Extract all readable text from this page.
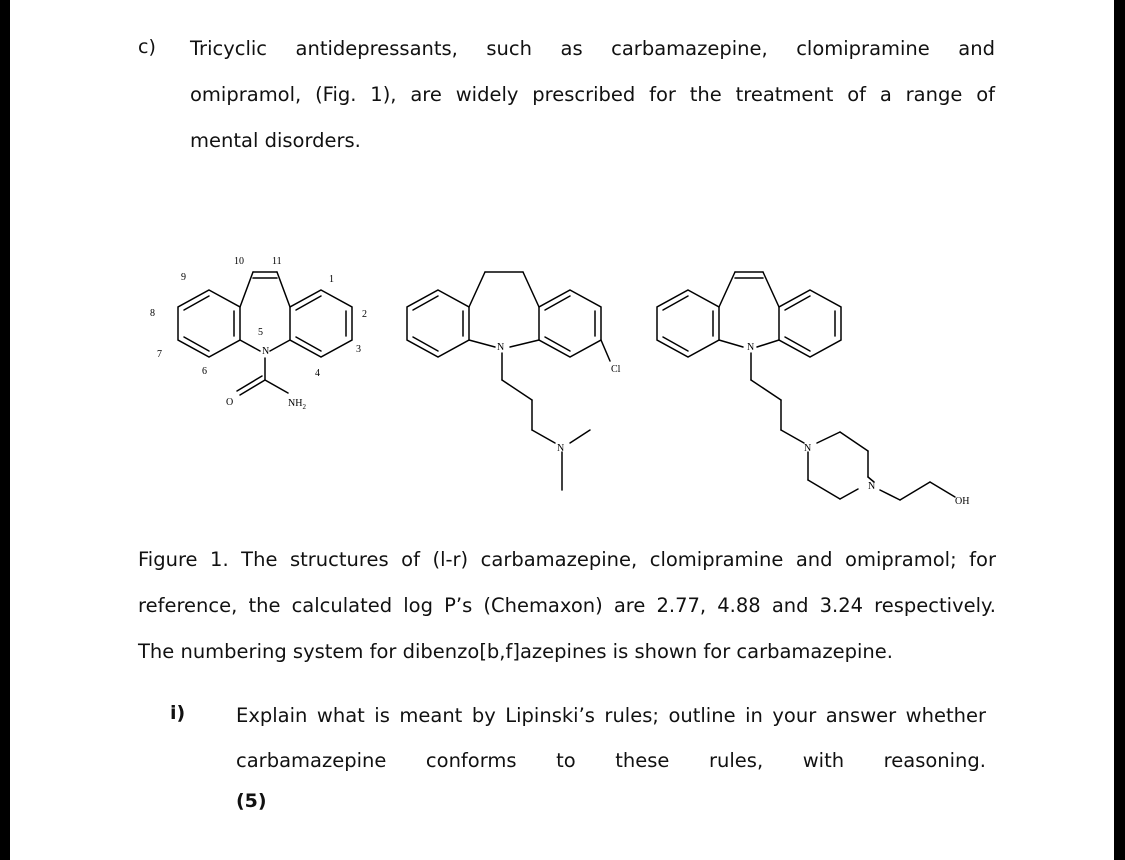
c) Tricyclic antidepressants, such as carbamazepine, clomipramine and
omipramol, (Fig. 1), are widely prescribed for the treatment of a range of
mental disorders.
N
O	$NH_2$
1
2
3
4
5
6
7
8
9
10	11
N
Cl
N
N
N
N
OH
Figure 1. The structures of (l-r) carbamazepine, clomipramine and omipramol; for
reference, the calculated log P’s (Chemaxon) are 2.77, 4.88 and 3.24 respectively.
The numbering system for dibenzo[b,f]azepines is shown for carbamazepine.
i)	Explain what is meant by Lipinski’s rules; outline in your answer whether
carbamazepine conforms to these rules, with reasoning.
(5)
